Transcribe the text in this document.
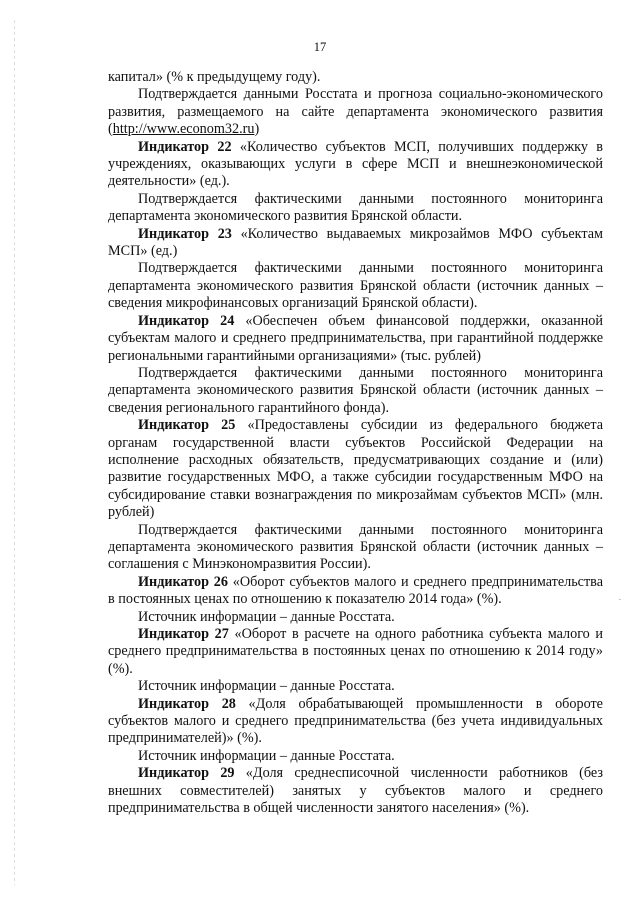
17
˙

капитал» (% к предыдущему году).

Подтверждается данными Росстата и прогноза социально-экономического развития, размещаемого на сайте департамента экономического развития (http://www.econom32.ru)

Индикатор 22 «Количество субъектов МСП, получивших поддержку в учреждениях, оказывающих услуги в сфере МСП и внешнеэкономической деятельности» (ед.).

Подтверждается фактическими данными постоянного мониторинга департамента экономического развития Брянской области.

Индикатор 23 «Количество выдаваемых микрозаймов МФО субъектам МСП» (ед.)

Подтверждается фактическими данными постоянного мониторинга департамента экономического развития Брянской области (источник данных – сведения микрофинансовых организаций Брянской области).

Индикатор 24 «Обеспечен объем финансовой поддержки, оказанной субъектам малого и среднего предпринимательства, при гарантийной поддержке региональными гарантийными организациями» (тыс. рублей)

Подтверждается фактическими данными постоянного мониторинга департамента экономического развития Брянской области (источник данных – сведения регионального гарантийного фонда).

Индикатор 25 «Предоставлены субсидии из федерального бюджета органам государственной власти субъектов Российской Федерации на исполнение расходных обязательств, предусматривающих создание и (или) развитие государственных МФО, а также субсидии государственным МФО на субсидирование ставки вознаграждения по микрозаймам субъектов МСП» (млн. рублей)

Подтверждается фактическими данными постоянного мониторинга департамента экономического развития Брянской области (источник данных – соглашения с Минэкономразвития России).

Индикатор 26 «Оборот субъектов малого и среднего предпринимательства в постоянных ценах по отношению к показателю 2014 года» (%).

Источник информации – данные Росстата.

Индикатор 27 «Оборот в расчете на одного работника субъекта малого и среднего предпринимательства в постоянных ценах по отношению к 2014 году» (%).

Источник информации – данные Росстата.

Индикатор 28 «Доля обрабатывающей промышленности в обороте субъектов малого и среднего предпринимательства (без учета индивидуальных предпринимателей)» (%).

Источник информации – данные Росстата.

Индикатор 29 «Доля среднесписочной численности работников (без внешних совместителей) занятых у субъектов малого и среднего предпринимательства в общей численности занятого населения» (%).
